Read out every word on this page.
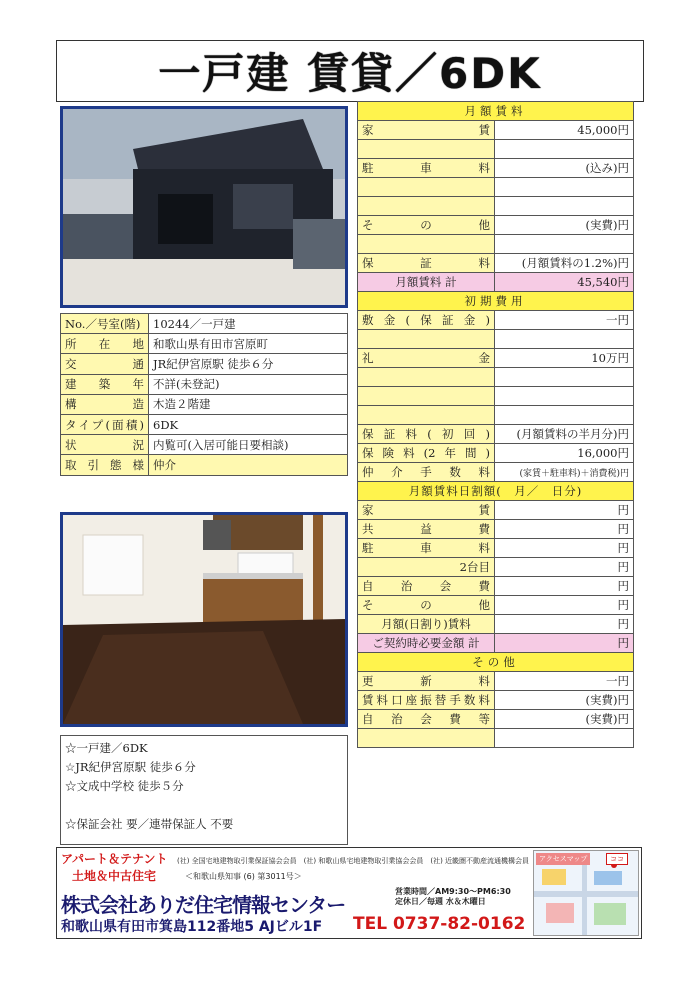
一戸建 賃貸／6DK
No.／号室(階)	10244／一戸建
所在地	和歌山県有田市宮原町
交通	JR紀伊宮原駅 徒歩６分
建築年	不詳(未登記)
構造	木造２階建
タイプ(面積)	6DK
状況	内覧可(入居可能日要相談)
取引態様	仲介
☆一戸建／6DK
☆JR紀伊宮原駅 徒歩６分
☆文成中学校 徒歩５分
☆保証会社 要／連帯保証人 不要
月額賃料	
家賃	45,000円

駐車料	(込み)円

その他	(実費)円

保証料	(月額賃料の1.2%)円
月額賃料 計	45,540円
初期費用	
敷金(保証金)	一円

礼金	10万円

保証料(初回)	(月額賃料の半月分)円
保険料(2年間)	16,000円
仲介手数料	(家賃＋駐車料)＋消費税)円
月額賃料日割額(　月／　日分)	
家賃	円
共益費	円
駐車料	円
2台目	円
自治会費	円
その他	円
月額(日割り)賃料	円
ご契約時必要金額 計	円
その他	
更新料	一円
賃料口座振替手数料	(実費)円
自治会費等	(実費)円

アパート＆テナント
土地＆中古住宅
(社) 全国宅地建物取引業保証協会会員　(社) 和歌山県宅地建物取引業協会会員　(社) 近畿圏不動産流通機構会員
＜和歌山県知事 (6) 第3011号＞
株式会社ありだ住宅情報センター
営業時間／AM9:30〜PM6:30
定休日／毎週 水＆木曜日
和歌山県有田市箕島112番地5 AJビル1F TEL 0737-82-0162
アクセスマップ	ココ
